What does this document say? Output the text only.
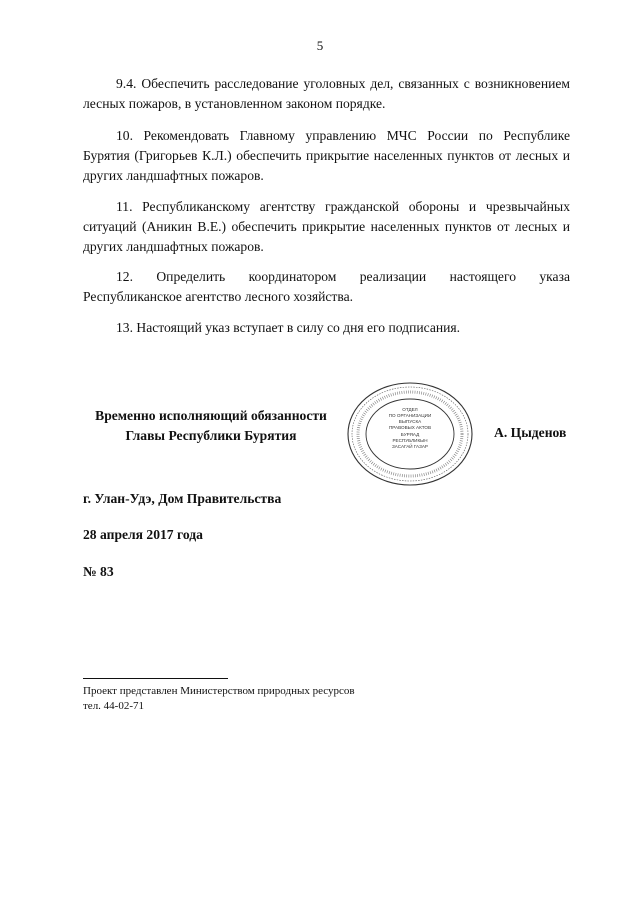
5
9.4. Обеспечить расследование уголовных дел, связанных с возникновением лесных пожаров, в установленном законом порядке.
10. Рекомендовать Главному управлению МЧС России по Республике Бурятия (Григорьев К.Л.) обеспечить прикрытие населенных пунктов от лесных и других ландшафтных пожаров.
11. Республиканскому агентству гражданской обороны и чрезвычайных ситуаций (Аникин В.Е.) обеспечить прикрытие населенных пунктов от лесных и других ландшафтных пожаров.
12. Определить координатором реализации настоящего указа Республиканское агентство лесного хозяйства.
13. Настоящий указ вступает в силу со дня его подписания.
Временно исполняющий обязанности
Главы Республики Бурятия
ОТДЕЛ
ПО ОРГАНИЗАЦИИ
ВЫПУСКА
ПРАВОВЫХ АКТОВ
БУРЯАД
РЕСПУБЛИКЫН
ЗАСАГАЙ ГАЗАР
А. Цыденов
г. Улан-Удэ, Дом Правительства
28 апреля 2017 года
№ 83
Проект представлен Министерством природных ресурсов
тел. 44-02-71
